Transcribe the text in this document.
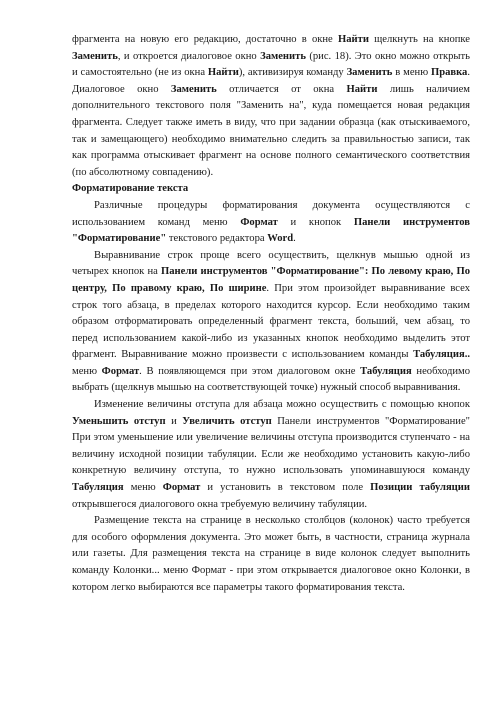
фрагмента на новую его редакцию, достаточно в окне Найти щелкнуть на кнопке Заменить, и откроется диалоговое окно Заменить (рис. 18). Это окно можно открыть и самостоятельно (не из окна Найти), активизируя команду Заменить в меню Правка. Диалоговое окно Заменить отличается от окна Найти лишь наличием дополнительного текстового поля "Заменить на", куда помещается новая редакция фрагмента. Следует также иметь в виду, что при задании образца (как отыскиваемого, так и замещающего) необходимо внимательно следить за правильностью записи, так как программа отыскивает фрагмент на основе полного семантического соответствия (по абсолютному совпадению).

Форматирование текста

Различные процедуры форматирования документа осуществляются с использованием команд меню Формат и кнопок Панели инструментов "Форматирование" текстового редактора Word.

Выравнивание строк проще всего осуществить, щелкнув мышью одной из четырех кнопок на Панели инструментов "Форматирование": По левому краю, По центру, По правому краю, По ширине. При этом произойдет выравнивание всех строк того абзаца, в пределах которого находится курсор. Если необходимо таким образом отформатировать определенный фрагмент текста, больший, чем абзац, то перед использованием какой-либо из указанных кнопок необходимо выделить этот фрагмент. Выравнивание можно произвести с использованием команды Табуляция.. меню Формат. В появляющемся при этом диалоговом окне Табуляция необходимо выбрать (щелкнув мышью на соответствующей точке) нужный способ выравнивания.

Изменение величины отступа для абзаца можно осуществить с помощью кнопок Уменьшить отступ и Увеличить отступ Панели инструментов "Форматирование" При этом уменьшение или увеличение величины отступа производится ступенчато - на величину исходной позиции табуляции. Если же необходимо установить какую-либо конкретную величину отступа, то нужно использовать упоминавшуюся команду Табуляция меню Формат и установить в текстовом поле Позиции табуляции открывшегося диалогового окна требуемую величину табуляции.

Размещение текста на странице в несколько столбцов (колонок) часто требуется для особого оформления документа. Это может быть, в частности, страница журнала или газеты. Для размещения текста на странице в виде колонок следует выполнить команду Колонки... меню Формат - при этом открывается диалоговое окно Колонки, в котором легко выбираются все параметры такого форматирования текста.
